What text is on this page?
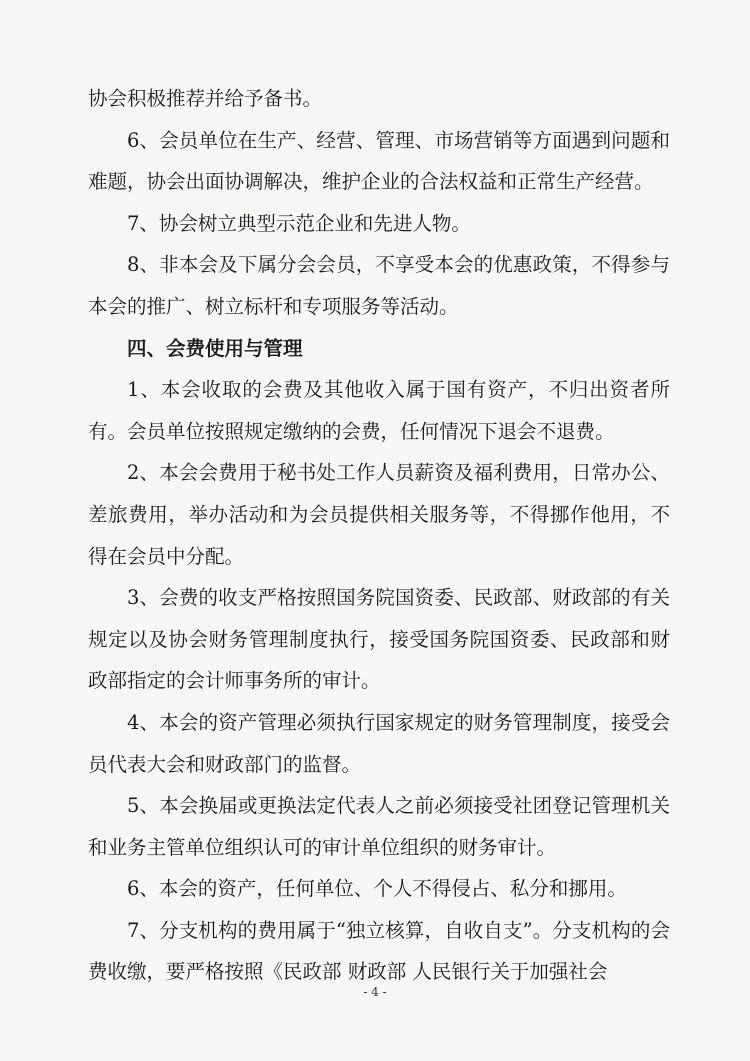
协会积极推荐并给予备书。

6、会员单位在生产、经营、管理、市场营销等方面遇到问题和难题，协会出面协调解决，维护企业的合法权益和正常生产经营。

7、协会树立典型示范企业和先进人物。

8、非本会及下属分会会员，不享受本会的优惠政策，不得参与本会的推广、树立标杆和专项服务等活动。

四、会费使用与管理

1、本会收取的会费及其他收入属于国有资产，不归出资者所有。会员单位按照规定缴纳的会费，任何情况下退会不退费。

2、本会会费用于秘书处工作人员薪资及福利费用，日常办公、差旅费用，举办活动和为会员提供相关服务等，不得挪作他用，不得在会员中分配。

3、会费的收支严格按照国务院国资委、民政部、财政部的有关规定以及协会财务管理制度执行，接受国务院国资委、民政部和财政部指定的会计师事务所的审计。

4、本会的资产管理必须执行国家规定的财务管理制度，接受会员代表大会和财政部门的监督。

5、本会换届或更换法定代表人之前必须接受社团登记管理机关和业务主管单位组织认可的审计单位组织的财务审计。

6、本会的资产，任何单位、个人不得侵占、私分和挪用。

7、分支机构的费用属于“独立核算，自收自支”。分支机构的会费收缴，要严格按照《民政部 财政部 人民银行关于加强社会

- 4 -
